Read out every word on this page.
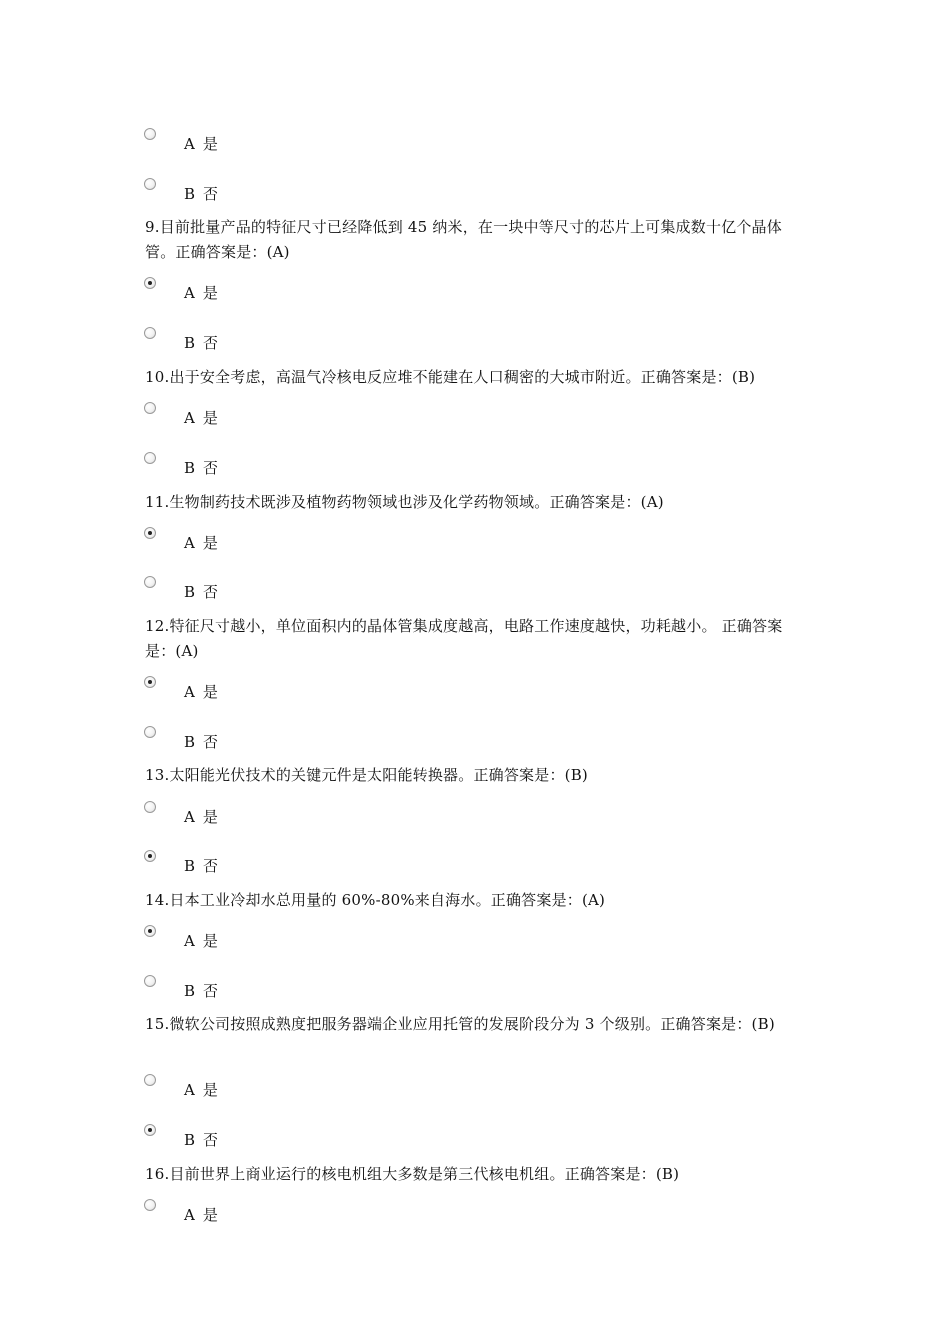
A 是
B 否
9.目前批量产品的特征尺寸已经降低到 45 纳米，在一块中等尺寸的芯片上可集成数十亿个晶体管。正确答案是：(A)
A 是
B 否
10.出于安全考虑，高温气冷核电反应堆不能建在人口稠密的大城市附近。正确答案是：(B)
A 是
B 否
11.生物制药技术既涉及植物药物领域也涉及化学药物领域。正确答案是：(A)
A 是
B 否
12.特征尺寸越小，单位面积内的晶体管集成度越高，电路工作速度越快，功耗越小。 正确答案是：(A)
A 是
B 否
13.太阳能光伏技术的关键元件是太阳能转换器。正确答案是：(B)
A 是
B 否
14.日本工业冷却水总用量的 60%-80%来自海水。正确答案是：(A)
A 是
B 否
15.微软公司按照成熟度把服务器端企业应用托管的发展阶段分为 3 个级别。正确答案是：(B)
A 是
B 否
16.目前世界上商业运行的核电机组大多数是第三代核电机组。正确答案是：(B)
A 是
